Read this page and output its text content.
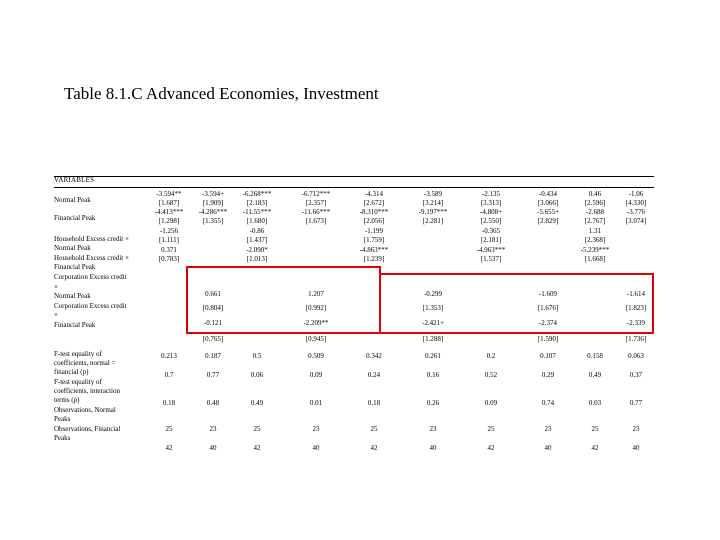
Table 8.1.C Advanced Economies, Investment
VARIABLES
Normal Peak
Financial Peak
Household Excess credit ×
Normal Peak
Household Excess credit ×
Financial Peak
Corporation Excess credit
×
Normal Peak
Corporation Excess credit
×
Financial Peak
F-test equality of
coefficients, normal =
financial (p)
F-test equality of
coefficients, interaction
terms (p)
Observations, Normal
Peaks
Observations, Financial
Peaks
-3.594**
[1.687]
-4.413***
[1.298]
-1.256
[1.111]
0.371
[0.783]
0.213
0.7
0.18
25
42
-3.594+
[1.909]
-4.286***
[1.355]
0.661
[0.804]
-0.121
[0.765]
0.187
0.77
0.48
23
40
-6.268***
[2.183]
-11.55***
[1.680]
-0.86
[1.437]
-2.090*
[1.013]
0.5
0.06
0.49
25
42
-6.712***
[2.357]
-11.66***
[1.673]
1.207
[0.992]
-2.209**
[0.945]
0.509
0.09
0.01
23
40
-4.314
[2.672]
-8.310***
[2.056]
-1.199
[1.759]
-4.863***
[1.239]
0.342
0.24
0.18
25
42
-3.589
[3.214]
-9.197***
[2.281]
-0.299
[1.353]
-2.421+
[1.288]
0.261
0.16
0.26
23
40
-2.135
[3.313]
-4.808+
[2.550]
-0.365
[2.181]
-4.963***
[1.537]
0.2
0.52
0.09
25
42
-0.434
[3.066]
-5.655+
[2.829]
-1.609
[1.676]
-2.374
[1.590]
0.107
0.29
0.74
23
40
0.46
[2.596]
-2.688
[2.767]
1.31
[2.368]
-5.239***
[1.668]
0.158
0.49
0.03
25
42
-1.06
[4.330]
-3.776
[3.074]
-1.614
[1.823]
-2.339
[1.736]
0.063
0.37
0.77
23
40
